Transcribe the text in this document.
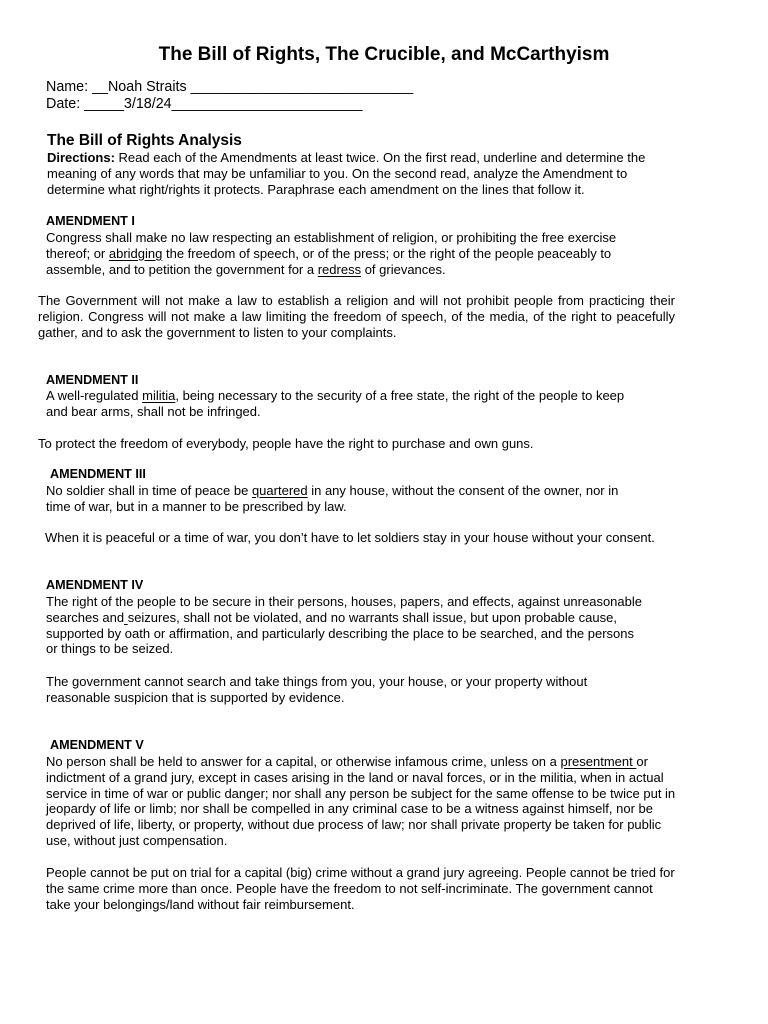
The Bill of Rights, The Crucible, and McCarthyism
Name: __Noah Straits ____________________________
Date: _____3/18/24________________________
The Bill of Rights Analysis

Directions: Read each of the Amendments at least twice. On the first read, underline and determine the meaning of any words that may be unfamiliar to you. On the second read, analyze the Amendment to determine what right/rights it protects. Paraphrase each amendment on the lines that follow it.

AMENDMENT I

Congress shall make no law respecting an establishment of religion, or prohibiting the free exercise thereof; or abridging the freedom of speech, or of the press; or the right of the people peaceably to assemble, and to petition the government for a redress of grievances.

The Government will not make a law to establish a religion and will not prohibit people from practicing their religion. Congress will not make a law limiting the freedom of speech, of the media, of the right to peacefully gather, and to ask the government to listen to your complaints.

AMENDMENT II

A well-regulated militia, being necessary to the security of a free state, the right of the people to keep and bear arms, shall not be infringed.

To protect the freedom of everybody, people have the right to purchase and own guns.

AMENDMENT III

No soldier shall in time of peace be quartered in any house, without the consent of the owner, nor in time of war, but in a manner to be prescribed by law.

When it is peaceful or a time of war, you don’t have to let soldiers stay in your house without your consent.

AMENDMENT IV

The right of the people to be secure in their persons, houses, papers, and effects, against unreasonable searches and seizures, shall not be violated, and no warrants shall issue, but upon probable cause, supported by oath or affirmation, and particularly describing the place to be searched, and the persons or things to be seized.

The government cannot search and take things from you, your house, or your property without reasonable suspicion that is supported by evidence.

AMENDMENT V

No person shall be held to answer for a capital, or otherwise infamous crime, unless on a presentment or indictment of a grand jury, except in cases arising in the land or naval forces, or in the militia, when in actual service in time of war or public danger; nor shall any person be subject for the same offense to be twice put in jeopardy of life or limb; nor shall be compelled in any criminal case to be a witness against himself, nor be deprived of life, liberty, or property, without due process of law; nor shall private property be taken for public use, without just compensation.

People cannot be put on trial for a capital (big) crime without a grand jury agreeing. People cannot be tried for the same crime more than once. People have the freedom to not self-incriminate. The government cannot take your belongings/land without fair reimbursement.
